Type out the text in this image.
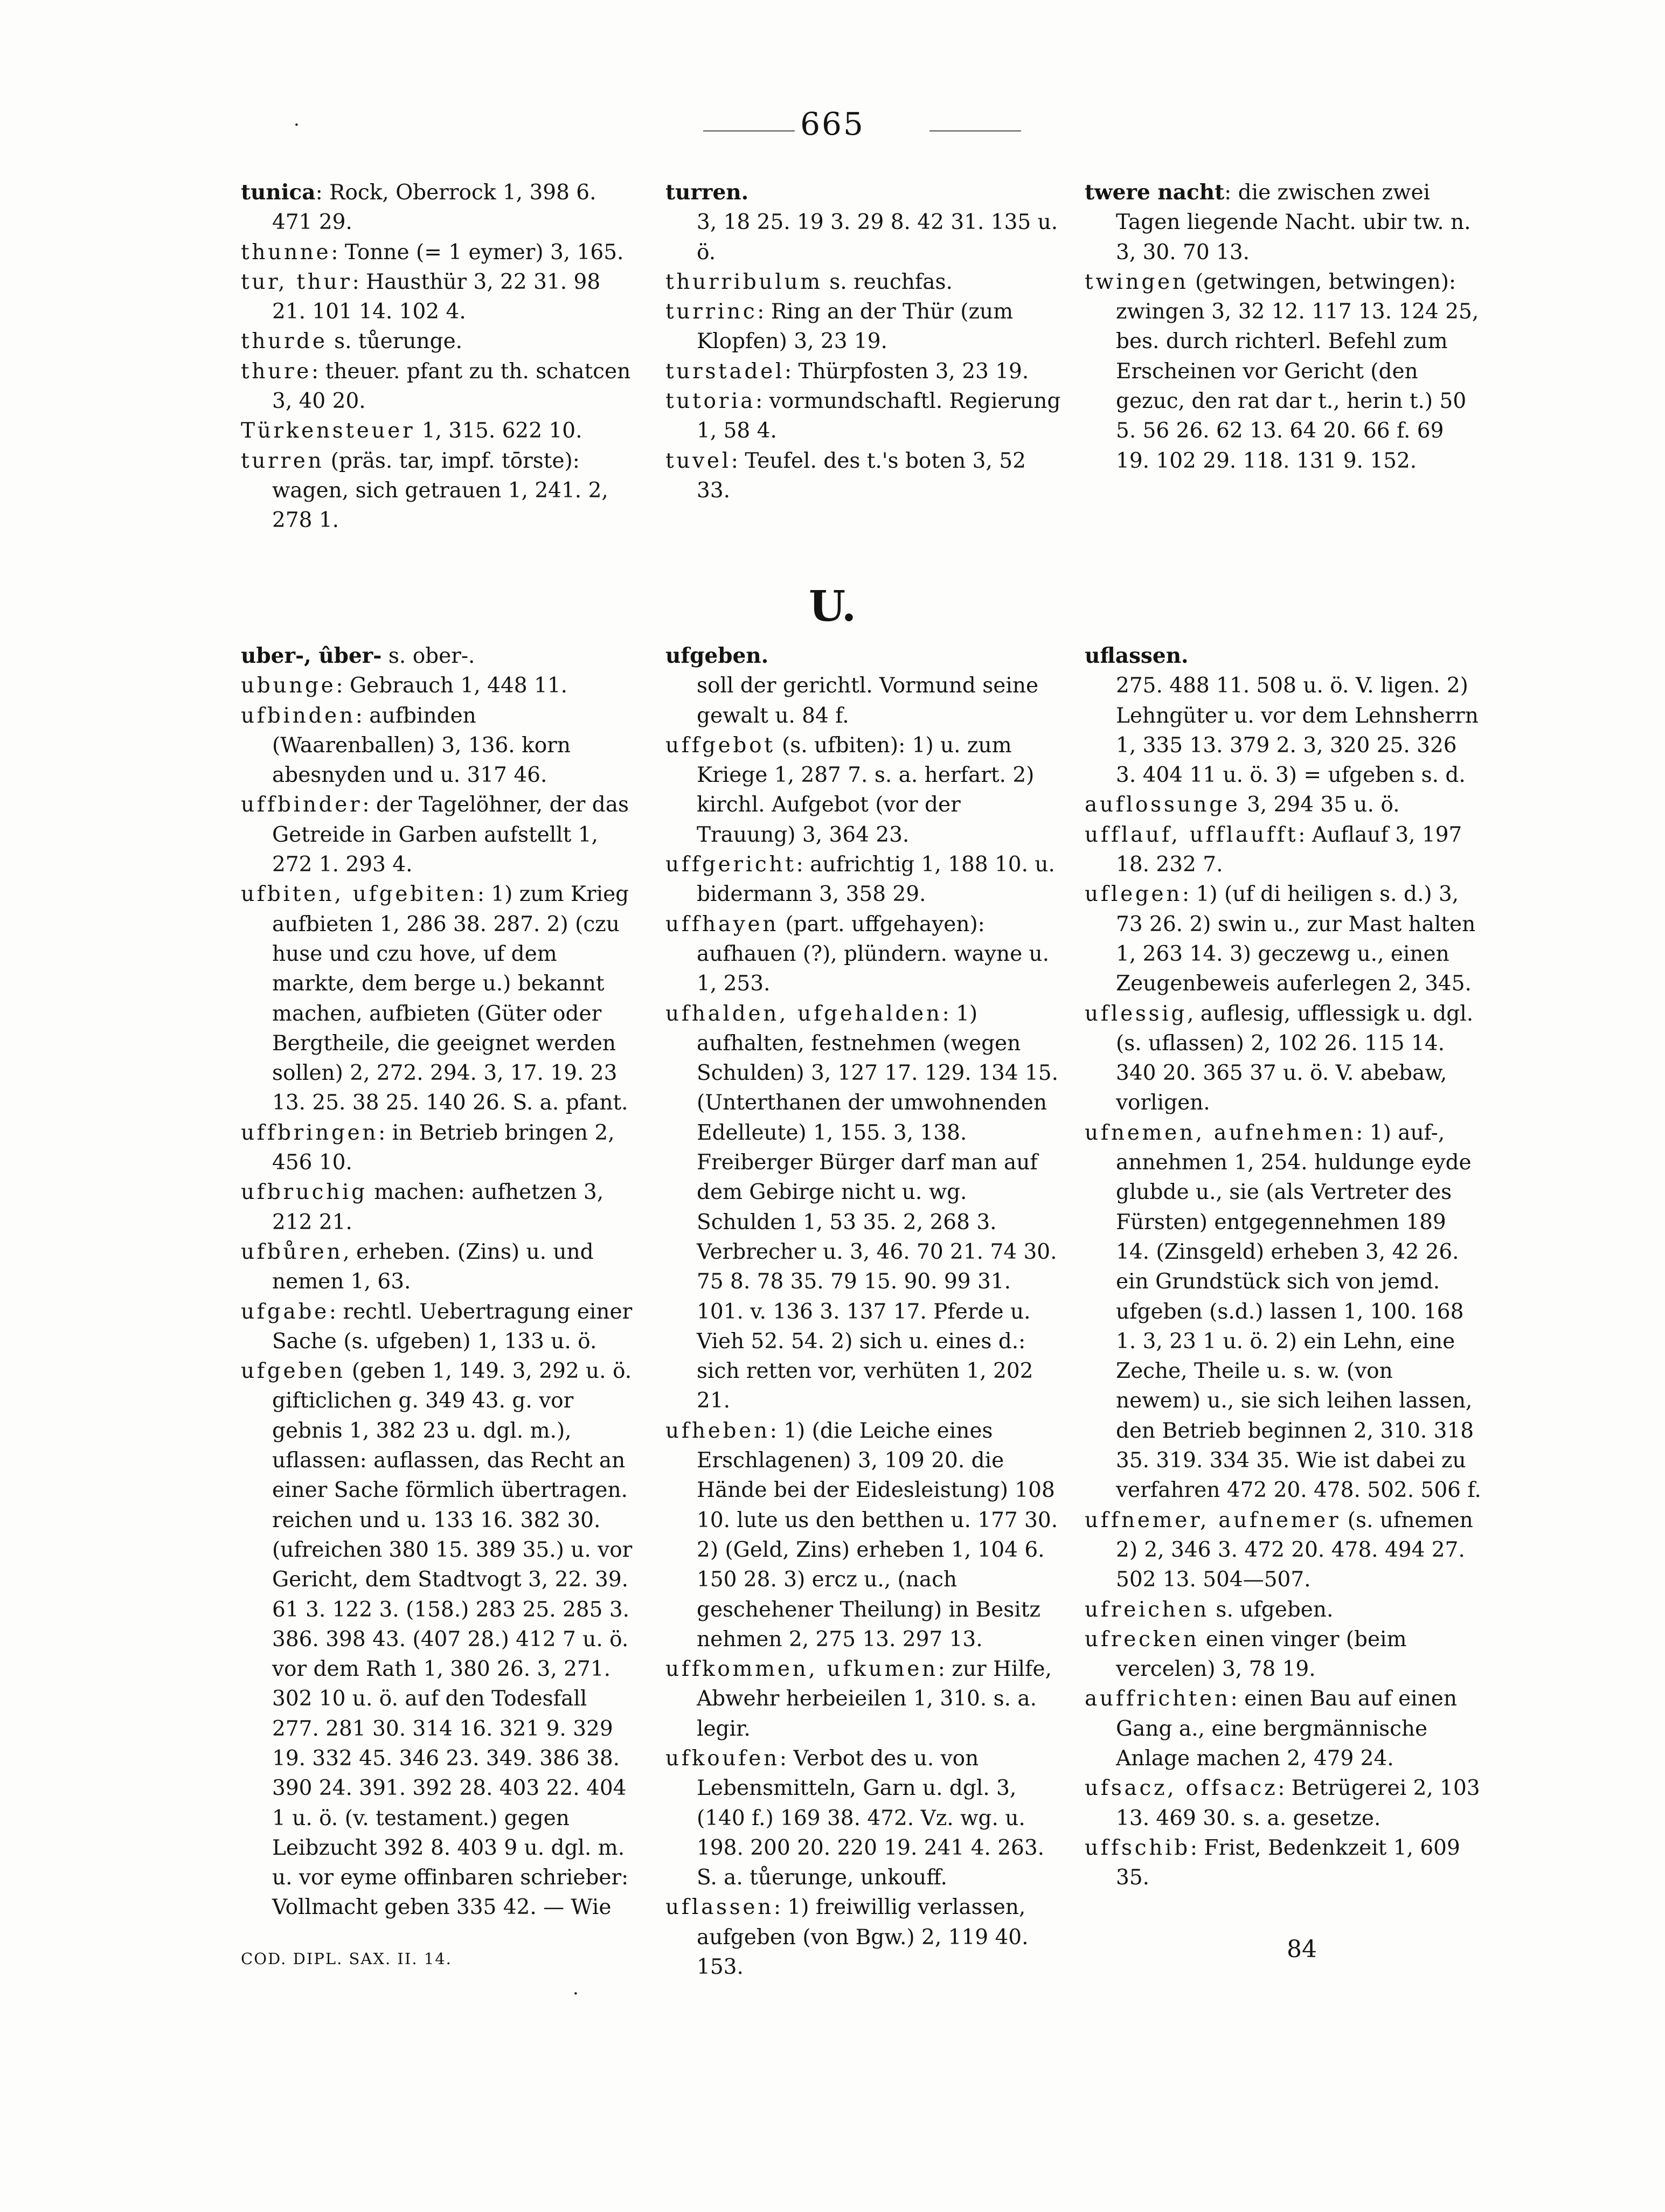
·	665
tunica: Rock, Oberrock 1, 398 6. 471 29.
thunne: Tonne (= 1 eymer) 3, 165.
tur, thur: Hausthür 3, 22 31. 98 21. 101 14. 102 4.
thurde s. tůerunge.
thure: theuer. pfant zu th. schatcen 3, 40 20.
Türkensteuer 1, 315. 622 10.
turren (präs. tar, impf. tōrste): wagen, sich getrauen 1, 241. 2, 278 1.
turren.
3, 18 25. 19 3. 29 8. 42 31. 135 u. ö.
thurribulum s. reuchfas.
turrinc: Ring an der Thür (zum Klopfen) 3, 23 19.
turstadel: Thürpfosten 3, 23 19.
tutoria: vormundschaftl. Regierung 1, 58 4.
tuvel: Teufel. des t.'s boten 3, 52 33.
twere nacht: die zwischen zwei Tagen liegende Nacht. ubir tw. n. 3, 30. 70 13.
twingen (getwingen, betwingen): zwingen 3, 32 12. 117 13. 124 25, bes. durch richterl. Befehl zum Erscheinen vor Gericht (den gezuc, den rat dar t., herin t.) 50 5. 56 26. 62 13. 64 20. 66 f. 69 19. 102 29. 118. 131 9. 152.
U.
uber-, ûber- s. ober-.
ubunge: Gebrauch 1, 448 11.
ufbinden: aufbinden (Waarenballen) 3, 136. korn abesnyden und u. 317 46.
uffbinder: der Tagelöhner, der das Getreide in Garben aufstellt 1, 272 1. 293 4.
ufbiten, ufgebiten: 1) zum Krieg aufbieten 1, 286 38. 287. 2) (czu huse und czu hove, uf dem markte, dem berge u.) bekannt machen, aufbieten (Güter oder Bergtheile, die geeignet werden sollen) 2, 272. 294. 3, 17. 19. 23 13. 25. 38 25. 140 26. S. a. pfant.
uffbringen: in Betrieb bringen 2, 456 10.
ufbruchig machen: aufhetzen 3, 212 21.
ufbůren, erheben. (Zins) u. und nemen 1, 63.
ufgabe: rechtl. Uebertragung einer Sache (s. ufgeben) 1, 133 u. ö.
ufgeben (geben 1, 149. 3, 292 u. ö. gifticlichen g. 349 43. g. vor gebnis 1, 382 23 u. dgl. m.), uflassen: auflassen, das Recht an einer Sache förmlich übertragen. reichen und u. 133 16. 382 30. (ufreichen 380 15. 389 35.) u. vor Gericht, dem Stadtvogt 3, 22. 39. 61 3. 122 3. (158.) 283 25. 285 3. 386. 398 43. (407 28.) 412 7 u. ö. vor dem Rath 1, 380 26. 3, 271. 302 10 u. ö. auf den Todesfall 277. 281 30. 314 16. 321 9. 329 19. 332 45. 346 23. 349. 386 38. 390 24. 391. 392 28. 403 22. 404 1 u. ö. (v. testament.) gegen Leibzucht 392 8. 403 9 u. dgl. m. u. vor eyme offinbaren schrieber: Vollmacht geben 335 42. — Wie
ufgeben.
soll der gerichtl. Vormund seine gewalt u. 84 f.
uffgebot (s. ufbiten): 1) u. zum Kriege 1, 287 7. s. a. herfart. 2) kirchl. Aufgebot (vor der Trauung) 3, 364 23.
uffgericht: aufrichtig 1, 188 10. u. bidermann 3, 358 29.
uffhayen (part. uffgehayen): aufhauen (?), plündern. wayne u. 1, 253.
ufhalden, ufgehalden: 1) aufhalten, festnehmen (wegen Schulden) 3, 127 17. 129. 134 15. (Unterthanen der umwohnenden Edelleute) 1, 155. 3, 138. Freiberger Bürger darf man auf dem Gebirge nicht u. wg. Schulden 1, 53 35. 2, 268 3. Verbrecher u. 3, 46. 70 21. 74 30. 75 8. 78 35. 79 15. 90. 99 31. 101. v. 136 3. 137 17. Pferde u. Vieh 52. 54. 2) sich u. eines d.: sich retten vor, verhüten 1, 202 21.
ufheben: 1) (die Leiche eines Erschlagenen) 3, 109 20. die Hände bei der Eidesleistung) 108 10. lute us den betthen u. 177 30. 2) (Geld, Zins) erheben 1, 104 6. 150 28. 3) ercz u., (nach geschehener Theilung) in Besitz nehmen 2, 275 13. 297 13.
uffkommen, ufkumen: zur Hilfe, Abwehr herbeieilen 1, 310. s. a. legir.
ufkoufen: Verbot des u. von Lebensmitteln, Garn u. dgl. 3, (140 f.) 169 38. 472. Vz. wg. u. 198. 200 20. 220 19. 241 4. 263. S. a. tůerunge, unkouff.
uflassen: 1) freiwillig verlassen, aufgeben (von Bgw.) 2, 119 40. 153.
uflassen.
275. 488 11. 508 u. ö. V. ligen. 2) Lehngüter u. vor dem Lehnsherrn 1, 335 13. 379 2. 3, 320 25. 326 3. 404 11 u. ö. 3) = ufgeben s. d.
auflossunge 3, 294 35 u. ö.
ufflauf, ufflaufft: Auflauf 3, 197 18. 232 7.
uflegen: 1) (uf di heiligen s. d.) 3, 73 26. 2) swin u., zur Mast halten 1, 263 14. 3) geczewg u., einen Zeugenbeweis auferlegen 2, 345.
uflessig, auflesig, ufflessigk u. dgl. (s. uflassen) 2, 102 26. 115 14. 340 20. 365 37 u. ö. V. abebaw, vorligen.
ufnemen, aufnehmen: 1) auf-, annehmen 1, 254. huldunge eyde glubde u., sie (als Vertreter des Fürsten) entgegennehmen 189 14. (Zinsgeld) erheben 3, 42 26. ein Grundstück sich von jemd. ufgeben (s.d.) lassen 1, 100. 168 1. 3, 23 1 u. ö. 2) ein Lehn, eine Zeche, Theile u. s. w. (von newem) u., sie sich leihen lassen, den Betrieb beginnen 2, 310. 318 35. 319. 334 35. Wie ist dabei zu verfahren 472 20. 478. 502. 506 f.
uffnemer, aufnemer (s. ufnemen 2) 2, 346 3. 472 20. 478. 494 27. 502 13. 504—507.
ufreichen s. ufgeben.
ufrecken einen vinger (beim vercelen) 3, 78 19.
auffrichten: einen Bau auf einen Gang a., eine bergmännische Anlage machen 2, 479 24.
ufsacz, offsacz: Betrügerei 2, 103 13. 469 30. s. a. gesetze.
uffschib: Frist, Bedenkzeit 1, 609 35.
COD. DIPL. SAX. II. 14.	84
·
